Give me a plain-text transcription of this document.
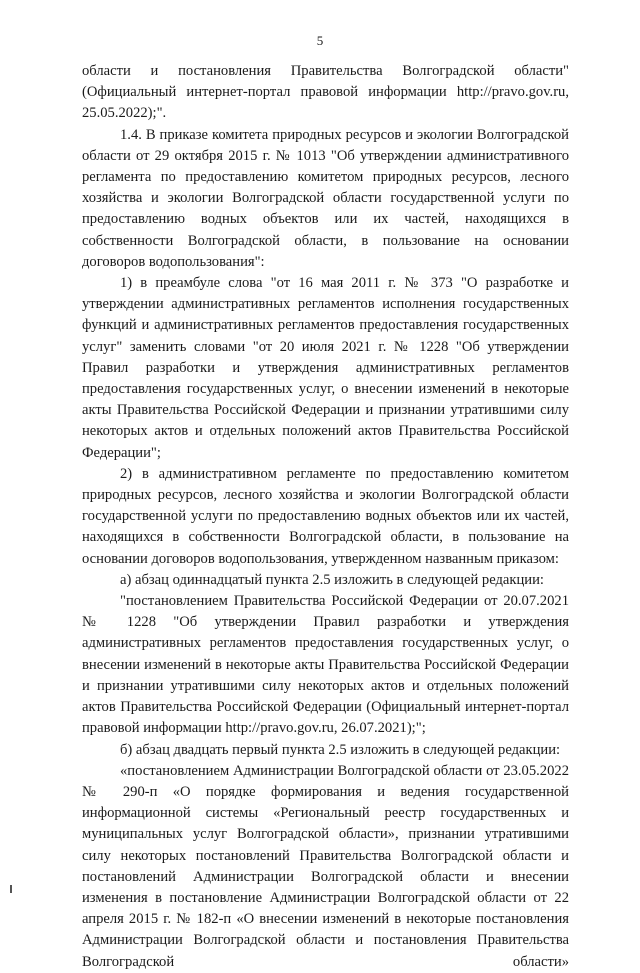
5

области и постановления Правительства Волгоградской области" (Официальный интернет-портал правовой информации http://pravo.gov.ru, 25.05.2022);".

1.4. В приказе комитета природных ресурсов и экологии Волгоградской области от 29 октября 2015 г. № 1013 "Об утверждении административного регламента по предоставлению комитетом природных ресурсов, лесного хозяйства и экологии Волгоградской области государственной услуги по предоставлению водных объектов или их частей, находящихся в собственности Волгоградской области, в пользование на основании договоров водопользования":

1) в преамбуле слова "от 16 мая 2011 г. № 373 "О разработке и утверждении административных регламентов исполнения государственных функций и административных регламентов предоставления государственных услуг" заменить словами "от 20 июля 2021 г. № 1228 "Об утверждении Правил разработки и утверждения административных регламентов предоставления государственных услуг, о внесении изменений в некоторые акты Правительства Российской Федерации и признании утратившими силу некоторых актов и отдельных положений актов Правительства Российской Федерации";

2) в административном регламенте по предоставлению комитетом природных ресурсов, лесного хозяйства и экологии Волгоградской области государственной услуги по предоставлению водных объектов или их частей, находящихся в собственности Волгоградской области, в пользование на основании договоров водопользования, утвержденном названным приказом:

а) абзац одиннадцатый пункта 2.5 изложить в следующей редакции:

"постановлением Правительства Российской Федерации от 20.07.2021 № 1228 "Об утверждении Правил разработки и утверждения административных регламентов предоставления государственных услуг, о внесении изменений в некоторые акты Правительства Российской Федерации и признании утратившими силу некоторых актов и отдельных положений актов Правительства Российской Федерации (Официальный интернет-портал правовой информации http://pravo.gov.ru, 26.07.2021);";

б) абзац двадцать первый пункта 2.5 изложить в следующей редакции:

«постановлением Администрации Волгоградской области от 23.05.2022 № 290-п «О порядке формирования и ведения государственной информационной системы «Региональный реестр государственных и муниципальных услуг Волгоградской области», признании утратившими силу некоторых постановлений Правительства Волгоградской области и постановлений Администрации Волгоградской области и внесении изменения в постановление Администрации Волгоградской области от 22 апреля 2015 г. № 182-п «О внесении изменений в некоторые постановления Администрации Волгоградской области и постановления Правительства Волгоградской области»
